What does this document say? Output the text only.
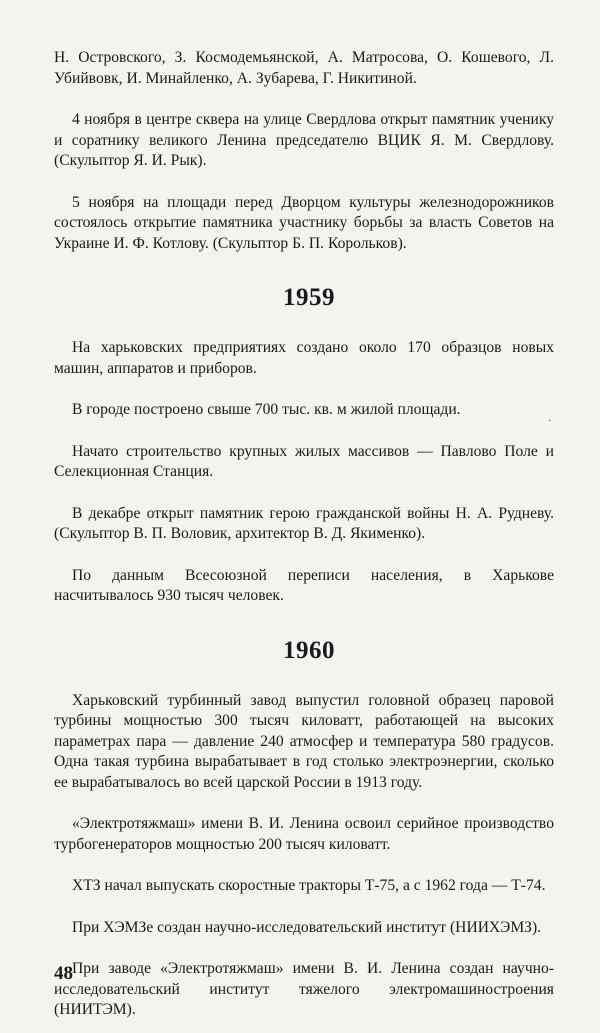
Н. Островского, З. Космодемьянской, А. Матросова, О. Кошевого, Л. Убийвовк, И. Минайленко, А. Зубарева, Г. Никитиной.

4 ноября в центре сквера на улице Свердлова открыт памятник ученику и соратнику великого Ленина председателю ВЦИК Я. М. Свердлову. (Скульптор Я. И. Рык).

5 ноября на площади перед Дворцом культуры железнодорожников состоялось открытие памятника участнику борьбы за власть Советов на Украине И. Ф. Котлову. (Скульптор Б. П. Корольков).

1959

На харьковских предприятиях создано около 170 образцов новых машин, аппаратов и приборов.

В городе построено свыше 700 тыс. кв. м жилой площади.

Начато строительство крупных жилых массивов — Павлово Поле и Селекционная Станция.

В декабре открыт памятник герою гражданской войны Н. А. Рудневу. (Скульптор В. П. Воловик, архитектор В. Д. Якименко).

По данным Всесоюзной переписи населения, в Харькове насчитывалось 930 тысяч человек.

1960

Харьковский турбинный завод выпустил головной образец паровой турбины мощностью 300 тысяч киловатт, работающей на высоких параметрах пара — давление 240 атмосфер и температура 580 градусов. Одна такая турбина вырабатывает в год столько электроэнергии, сколько ее вырабатывалось во всей царской России в 1913 году.

«Электротяжмаш» имени В. И. Ленина освоил серийное производство турбогенераторов мощностью 200 тысяч киловатт.

ХТЗ начал выпускать скоростные тракторы Т-75, а с 1962 года — Т-74.

При ХЭМЗе создан научно-исследовательский институт (НИИХЭМЗ).

При заводе «Электротяжмаш» имени В. И. Ленина создан научно-исследовательский институт тяжелого электромашиностроения (НИИТЭМ).

·
48
